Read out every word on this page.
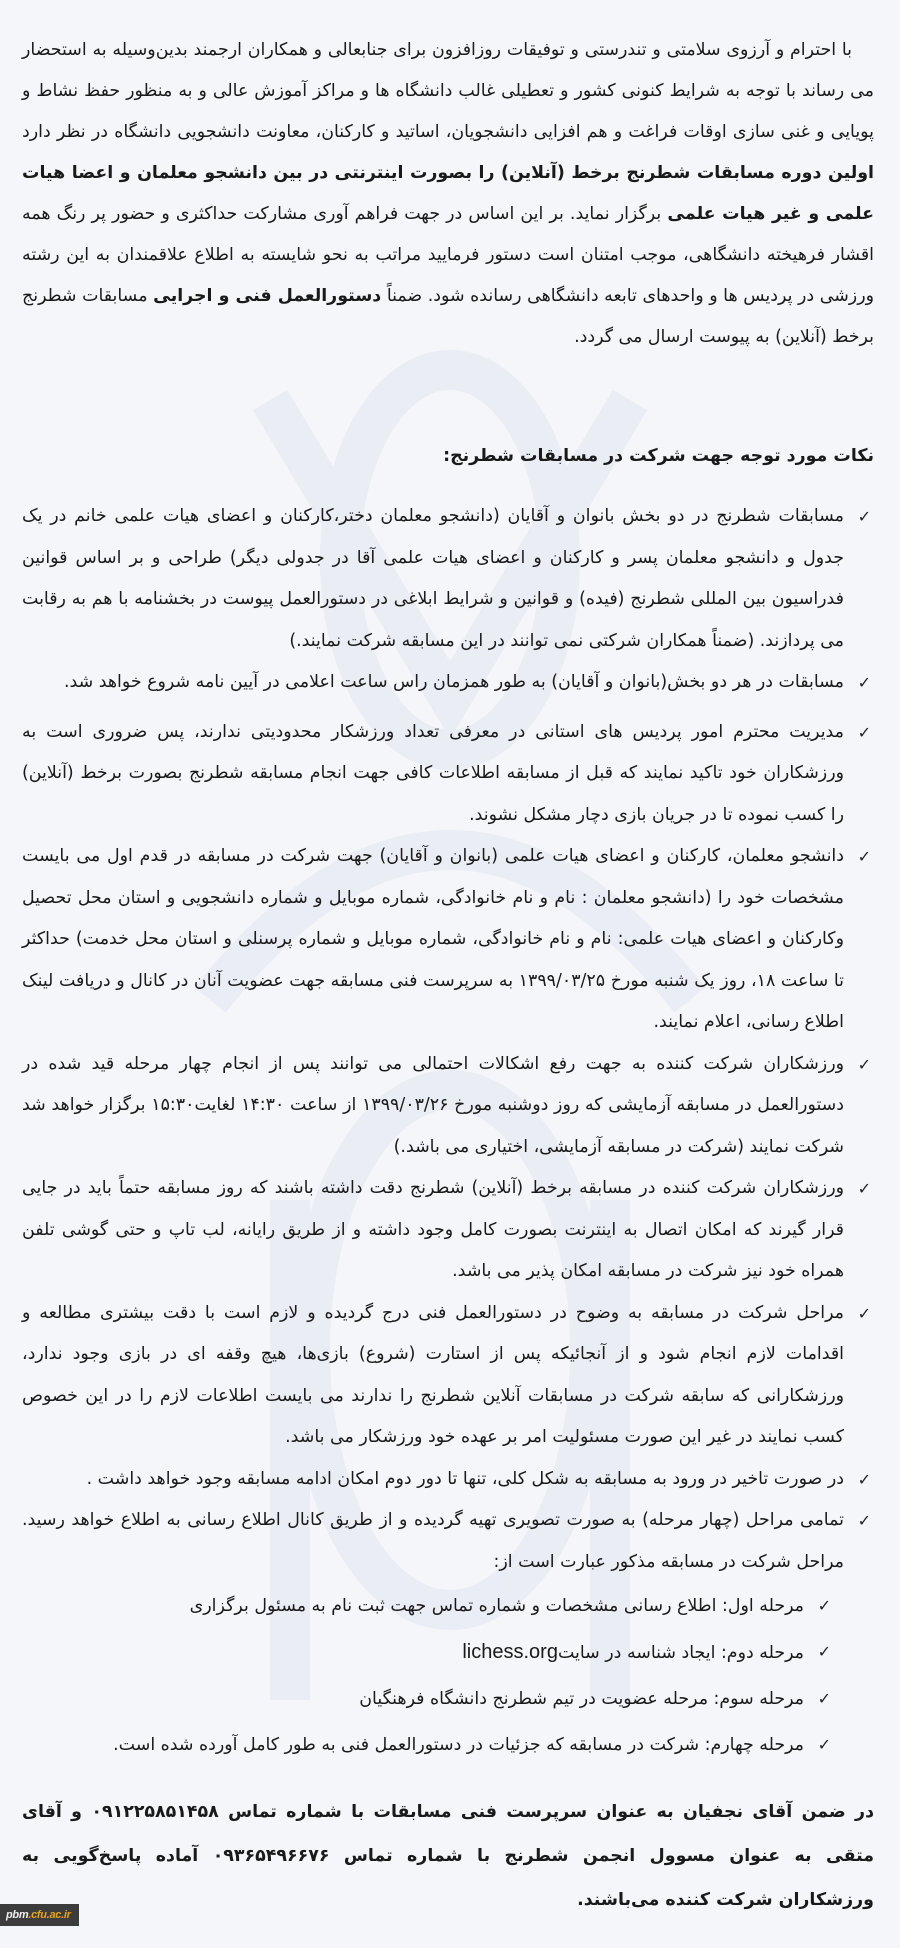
با احترام و آرزوی سلامتی و تندرستی و توفیقات روزافزون برای جنابعالی و همکاران ارجمند بدین‌وسیله به استحضار می رساند با توجه به شرایط کنونی کشور و تعطیلی غالب دانشگاه ها و مراکز آموزش عالی و به منظور حفظ نشاط و پویایی و غنی سازی اوقات فراغت و هم افزایی دانشجویان، اساتید و کارکنان، معاونت دانشجویی دانشگاه در نظر دارد اولین دوره مسابقات شطرنج برخط (آنلاین) را بصورت اینترنتی در بین دانشجو معلمان و اعضا هیات علمی و غیر هیات علمی برگزار نماید. بر این اساس در جهت فراهم آوری مشارکت حداکثری و حضور پر رنگ همه اقشار فرهیخته دانشگاهی، موجب امتنان است دستور فرمایید مراتب به نحو شایسته به اطلاع علاقمندان به این رشته ورزشی در پردیس ها و واحدهای تابعه دانشگاهی رسانده شود. ضمناً دستورالعمل فنی و اجرایی مسابقات شطرنج برخط (آنلاین) به پیوست ارسال می گردد.

نکات مورد توجه جهت شرکت در مسابقات شطرنج:
✓
مسابقات شطرنج در دو بخش بانوان و آقایان (دانشجو معلمان دختر،کارکنان و اعضای هیات علمی خانم در یک جدول و دانشجو معلمان پسر و کارکنان و اعضای هیات علمی آقا در جدولی دیگر) طراحی و بر اساس قوانین فدراسیون بین المللی شطرنج (فیده) و قوانین و شرایط ابلاغی در دستورالعمل پیوست در بخشنامه با هم به رقابت می پردازند. (ضمناً همکاران شرکتی نمی توانند در این مسابقه شرکت نمایند.)
✓
مسابقات در هر دو بخش(بانوان و آقایان) به طور همزمان راس ساعت اعلامی در آیین نامه شروع خواهد شد.
✓
مدیریت محترم امور پردیس های استانی در معرفی تعداد ورزشکار محدودیتی ندارند، پس ضروری است به ورزشکاران خود تاکید نمایند که قبل از مسابقه اطلاعات کافی جهت انجام مسابقه شطرنج بصورت برخط (آنلاین) را کسب نموده تا در جریان بازی دچار مشکل نشوند.
✓
دانشجو معلمان، کارکنان و اعضای هیات علمی (بانوان و آقایان) جهت شرکت در مسابقه در قدم اول می بایست مشخصات خود را (دانشجو معلمان : نام و نام خانوادگی، شماره موبایل و شماره دانشجویی و استان محل تحصیل وکارکنان و اعضای هیات علمی: نام و نام خانوادگی، شماره موبایل و شماره پرسنلی و استان محل خدمت) حداکثر تا ساعت ۱۸، روز یک شنبه مورخ ۱۳۹۹/۰۳/۲۵ به سرپرست فنی مسابقه جهت عضویت آنان در کانال و دریافت لینک اطلاع رسانی، اعلام نمایند.
✓
ورزشکاران شرکت کننده به جهت رفع اشکالات احتمالی می توانند پس از انجام چهار مرحله قید شده در دستورالعمل در مسابقه آزمایشی که روز دوشنبه مورخ ۱۳۹۹/۰۳/۲۶ از ساعت ۱۴:۳۰ لغایت۱۵:۳۰ برگزار خواهد شد شرکت نمایند (شرکت در مسابقه آزمایشی، اختیاری می باشد.)
✓
ورزشکاران شرکت کننده در مسابقه برخط (آنلاین) شطرنج دقت داشته باشند که روز مسابقه حتماً باید در جایی قرار گیرند که امکان اتصال به اینترنت بصورت کامل وجود داشته و از طریق رایانه، لب تاپ و حتی گوشی تلفن همراه خود نیز شرکت در مسابقه امکان پذیر می باشد.
✓
مراحل شرکت در مسابقه به وضوح در دستورالعمل فنی درج گردیده و لازم است با دقت بیشتری مطالعه و اقدامات لازم انجام شود و از آنجائیکه پس از استارت (شروع) بازی‌ها، هیچ وقفه ای در بازی وجود ندارد، ورزشکارانی که سابقه شرکت در مسابقات آنلاین شطرنج را ندارند می بایست اطلاعات لازم را در این خصوص کسب نمایند در غیر این صورت مسئولیت امر بر عهده خود ورزشکار می باشد.
✓
در صورت تاخیر در ورود به مسابقه به شکل کلی، تنها تا دور دوم امکان ادامه مسابقه وجود خواهد داشت .
✓
تمامی مراحل (چهار مرحله) به صورت تصویری تهیه گردیده و از طریق کانال اطلاع رسانی به اطلاع خواهد رسید. مراحل شرکت در مسابقه مذکور عبارت است از:
✓
مرحله اول: اطلاع رسانی مشخصات و شماره تماس جهت ثبت نام به مسئول برگزاری
✓
مرحله دوم: ایجاد شناسه در سایتlichess.org
✓
مرحله سوم: مرحله عضویت در تیم شطرنج دانشگاه فرهنگیان
✓
مرحله چهارم: شرکت در مسابقه که جزئیات در دستورالعمل فنی به طور کامل آورده شده است.

در ضمن آقای نجفیان به عنوان سرپرست فنی مسابقات با شماره تماس ۰۹۱۲۲۵۸۵۱۴۵۸ و آقای متقی به عنوان مسوول انجمن شطرنج با شماره تماس ۰۹۳۶۵۴۹۶۶۷۶ آماده پاسخ‌گویی به ورزشکاران شرکت کننده می‌باشند.

pbm.cfu.ac.ir
